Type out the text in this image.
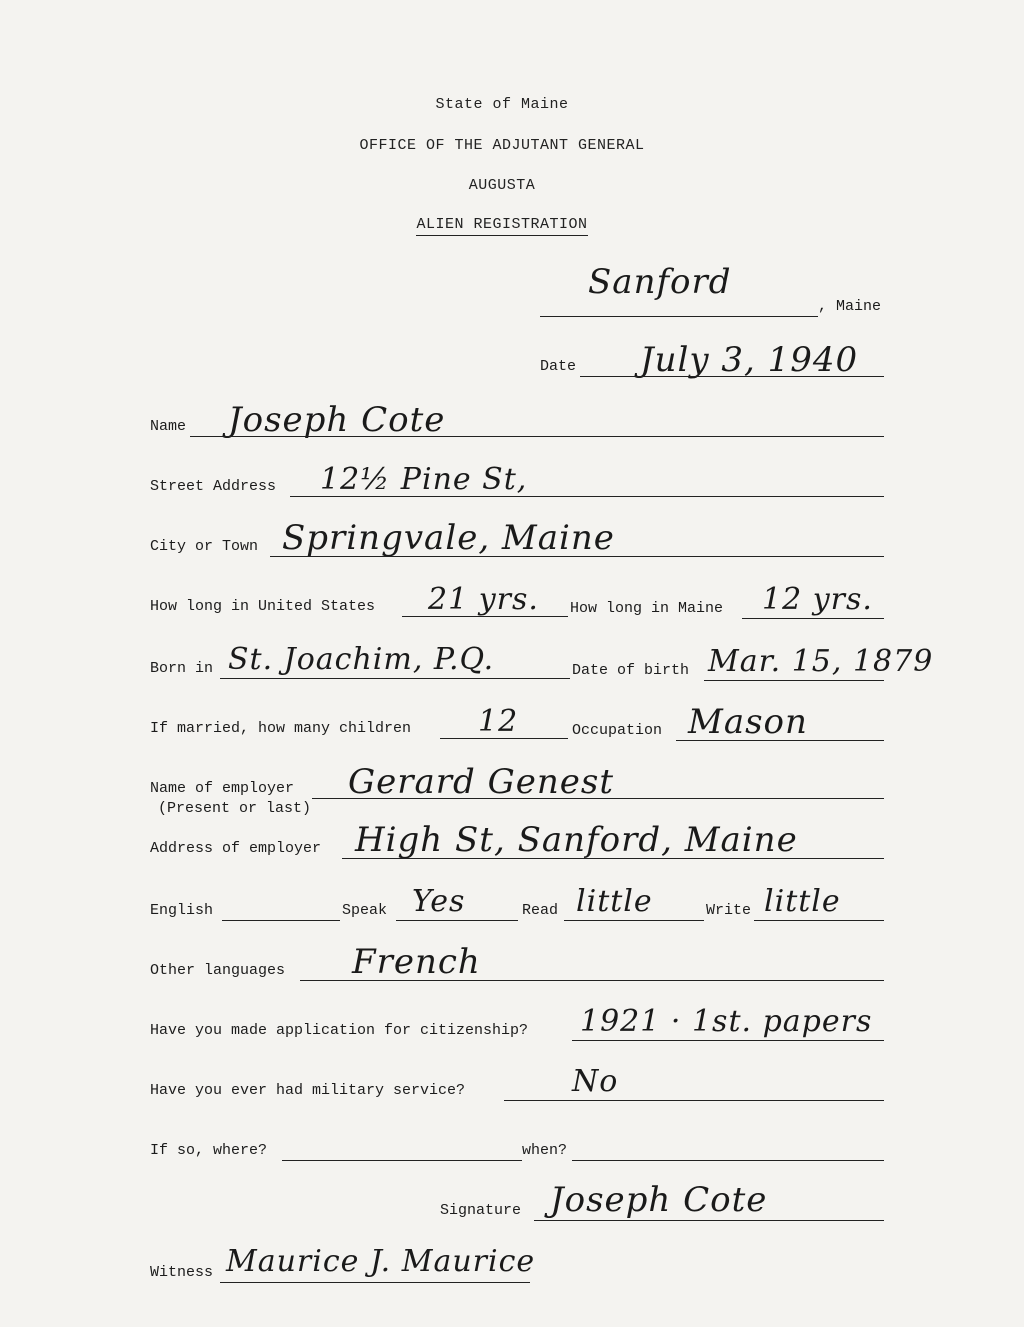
State of Maine
OFFICE OF THE ADJUTANT GENERAL
AUGUSTA
ALIEN REGISTRATION
Sanford
, Maine
Date July 3, 1940
Name Joseph Cote
Street Address 12½ Pine St,
City or Town Springvale, Maine
How long in United States 21 yrs. How long in Maine 12 yrs.
Born in St. Joachim, P.Q.	Date of birth Mar. 15, 1879
If married, how many children 12	Occupation Mason
Name of employer
(Present or last)
Gerard Genest
Address of employer High St, Sanford, Maine
English	Speak Yes	Read little	Write little
Other languages French
Have you made application for citizenship? 1921 · 1st. papers
Have you ever had military service?	No
If so, where?	when?
Signature Joseph Cote
Witness Maurice J. Maurice
